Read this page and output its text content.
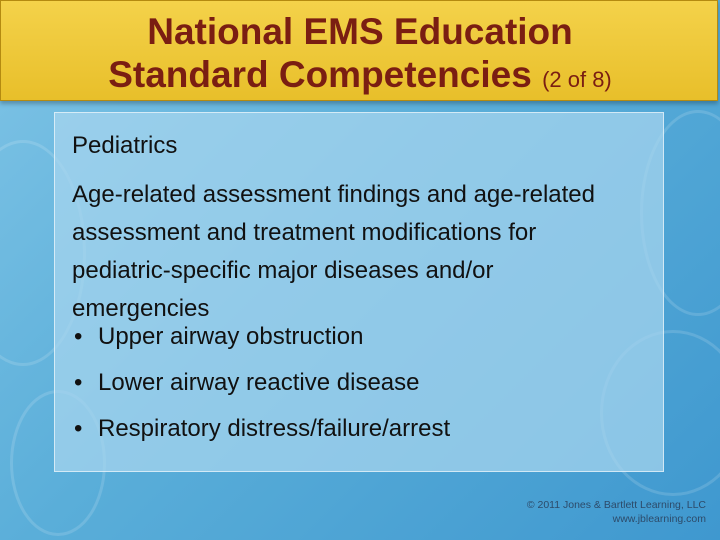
National EMS Education
Standard Competencies (2 of 8)
Pediatrics
Age-related assessment findings and age-related assessment and treatment modifications for pediatric-specific major diseases and/or emergencies
• Upper airway obstruction
• Lower airway reactive disease
• Respiratory distress/failure/arrest
© 2011 Jones & Bartlett Learning, LLC
www.jblearning.com
